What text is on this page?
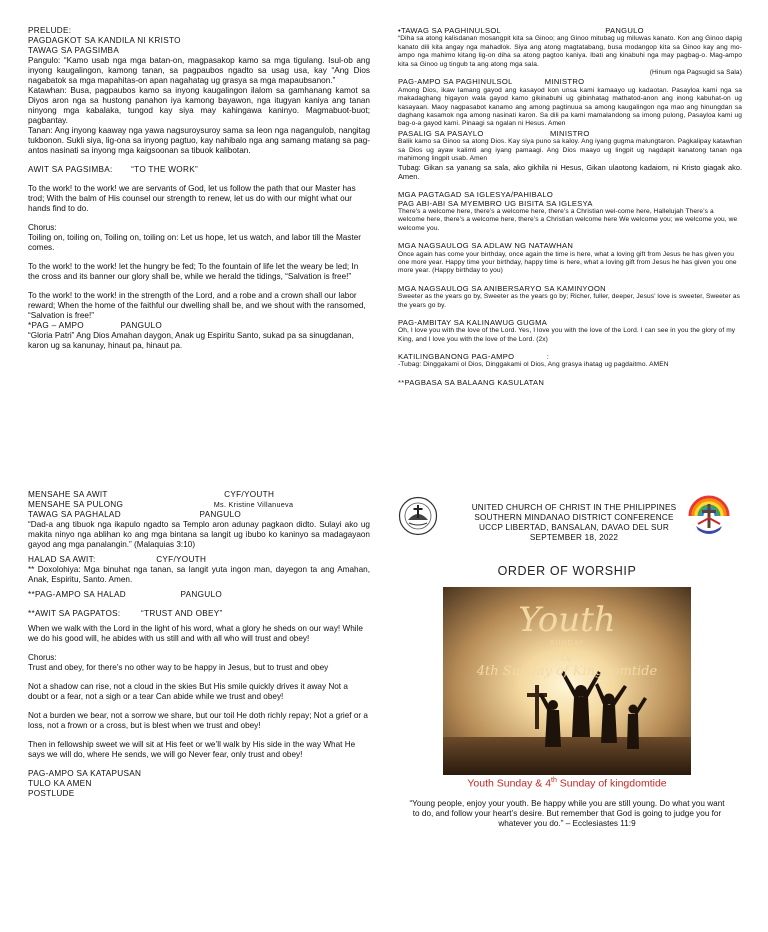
PRELUDE:

PAGDAGKOT SA KANDILA NI KRISTO

TAWAG SA PAGSIMBA

Pangulo: “Kamo usab nga mga batan-on, magpasakop kamo sa mga tigulang. Isul-ob ang inyong kaugalingon, kamong tanan, sa pagpaubos ngadto sa usag usa, kay “Ang Dios nagabatok sa mga mapahitas-on apan nagahatag ug grasya sa mga mapaubsanon.”

Katawhan: Busa, pagpaubos kamo sa inyong kaugalingon ilalom sa gamhanang kamot sa Diyos aron nga sa hustong panahon iya kamong bayawon, nga itugyan kaniya ang tanan ninyong mga kabalaka, tungod kay siya may kahingawa kaninyo. Magmabuot-buot; pagbantay.

Tanan: Ang inyong kaaway nga yawa nagsuroysuroy sama sa leon nga nagangulob, nangitag tukbonon. Sukli siya, lig-ona sa inyong pagtuo, kay nahibalo nga ang samang matang sa pag-antos nasinati sa inyong mga kaigsoonan sa tibuok kalibotan.

AWIT SA PAGSIMBA: “TO THE WORK”

To the work! to the work! we are servants of God, let us follow the path that our Master has trod; With the balm of His counsel our strength to renew, let us do with our might what our hands find to do.

Chorus:

Toiling on, toiling on, Toiling on, toiling on: Let us hope, let us watch, and labor till the Master comes.

To the work! to the work! let the hungry be fed; To the fountain of life let the weary be led; In the cross and its banner our glory shall be, while we herald the tidings, “Salvation is free!”

To the work! to the work! in the strength of the Lord, and a robe and a crown shall our labor reward; When the home of the faithful our dwelling shall be, and we shout with the ransomed, “Salvation is free!”

*PAG – AMPO	PANGULO

“Gloria Patri” Ang Dios Amahan daygon, Anak ug Espiritu Santo, sukad pa sa sinugdanan, karon ug sa kanunay, hinaut pa, hinaut pa.

•TAWAG SA PAGHINULSOL	PANGULO

“Diha sa atong kalisdanan mosangpit kita sa Ginoo; ang Ginoo mitubag ug miluwas kanato. Kon ang Ginoo dapig kanato dili kita angay nga mahadlok. Siya ang atong magtatabang, busa modangop kita sa Ginoo kay ang mo-ampo nga mahimo kitang lig-on diha sa atong pagtoo kaniya. Ibati ang kinabuhi nga may pagbag-o. Mag-ampo kita sa Ginoo ug tingub ta ang atong mga sala.

(Hinum nga Pagsugid sa Sala)

PAG-AMPO SA PAGHINULSOL	MINISTRO

Among Dios, ikaw lamang gayod ang kasayod kon unsa kami kamaayo ug kadaotan. Pasayloa kami nga sa makadaghang higayon wala gayod kamo gikinabuhi ug gibinhatag mathatod-anon ang inong kabuhat-on ug kasayaan. Maoy nagpasabot kanamo ang among pagtinuua sa among kaugalingon nga mao ang hinungdan sa daghang kasamok nga among nasinati karon. Sa dili pa kami mamalandong sa imong pulong, Pasayloa kami ug bag-o-a gayod kami. Pinaagi sa ngalan ni Hesus. Amen

PASALIG SA PASAYLO	MINISTRO

Balik kamo sa Ginoo sa atong Dios. Kay siya puno sa kaloy. Ang iyang gugma malungtaron. Pagkalipay katawhan sa Dios ug ayaw kalimti ang iyang pamaagi. Ang Dios maayo ug lingpit ug nagdapit kanatong tanan nga mahimong lingpit usab. Amen

Tubag: Gikan sa yanang sa sala, ako gikhila ni Hesus, Gikan ulaotong kadaiom, ni Kristo giagak ako. Amen.

MGA PAGTAGAD SA IGLESYA/PAHIBALO

PAG ABI-ABI SA MYEMBRO UG BISITA SA IGLESYA

There’s a welcome here, there’s a welcome here, there’s a Christian wel-come here, Hallelujah There’s a welcome here, there’s a welcome here, there’s a Christian welcome here We welcome you; we welcome you, we welcome you.

MGA NAGSAULOG SA ADLAW NG NATAWHAN

Once again has come your birthday, once again the time is here, what a loving gift from Jesus he has given you one more year. Happy time your birthday, happy time is here, what a loving gift from Jesus he has given you one more year. (Happy birthday to you)

MGA NAGSAULOG SA ANIBERSARYO SA KAMINYOON

Sweeter as the years go by, Sweeter as the years go by; Richer, fuller, deeper, Jesus’ love is sweeter, Sweeter as the years go by.

PAG-AMBITAY SA KALINAWUG GUGMA

Oh, I love you with the love of the Lord. Yes, I love you with the love of the Lord. I can see in you the glory of my King, and I love you with the love of the Lord. (2x)

KATILINGBANONG PAG-AMPO	:

-Tubag: Dinggakami ol Dios, Dinggakami ol Dios, Ang grasya ihatag ug pagdaitmo. AMEN

**PAGBASA SA BALAANG KASULATAN

MENSAHE SA AWIT	CYF/YOUTH

MENSAHE SA PULONG	Ms. Kristine Villanueva

TAWAG SA PAGHALAD	PANGULO

“Dad-a ang tibuok nga ikapulo ngadto sa Templo aron adunay pagkaon didto. Sulayi ako ug makita ninyo nga ablihan ko ang mga bintana sa langit ug ibubo ko kaninyo sa madagayaon gayod ang mga panalangin.” (Malaquias 3:10)

HALAD SA AWIT:	CYF/YOUTH

** Doxolohiya: Mga binuhat nga tanan, sa langit yuta ingon man, dayegon ta ang Amahan, Anak, Espiritu, Santo. Amen.

**PAG-AMPO SA HALAD	PANGULO

**AWIT SA PAGPATOS:	“TRUST AND OBEY”

When we walk with the Lord in the light of his word, what a glory he sheds on our way! While we do his good will, he abides with us still and with all who will trust and obey!

Chorus:

Trust and obey, for there’s no other way to be happy in Jesus, but to trust and obey

Not a shadow can rise, not a cloud in the skies But His smile quickly drives it away Not a doubt or a fear, not a sigh or a tear Can abide while we trust and obey!

Not a burden we bear, not a sorrow we share, but our toil He doth richly repay; Not a grief or a loss, not a frown or a cross, but is blest when we trust and obey!

Then in fellowship sweet we will sit at His feet or we’ll walk by His side in the way What He says we will do, where He sends, we will go Never fear, only trust and obey!

PAG-AMPO SA KATAPUSAN

TULO KA AMEN

POSTLUDE

UNITED CHURCH OF CHRIST IN THE PHILIPPINES
SOUTHERN MINDANAO DISTRICT CONFERENCE
UCCP LIBERTAD, BANSALAN, DAVAO DEL SUR
SEPTEMBER 18, 2022
ORDER OF WORSHIP
Youth
SUNDAY
&
4th Sunday of Kingdomtide
Youth Sunday & 4th Sunday of kingdomtide
“Young people, enjoy your youth. Be happy while you are still young. Do what you want to do, and follow your heart’s desire. But remember that God is going to judge you for whatever you do.” – Ecclesiastes 11:9
